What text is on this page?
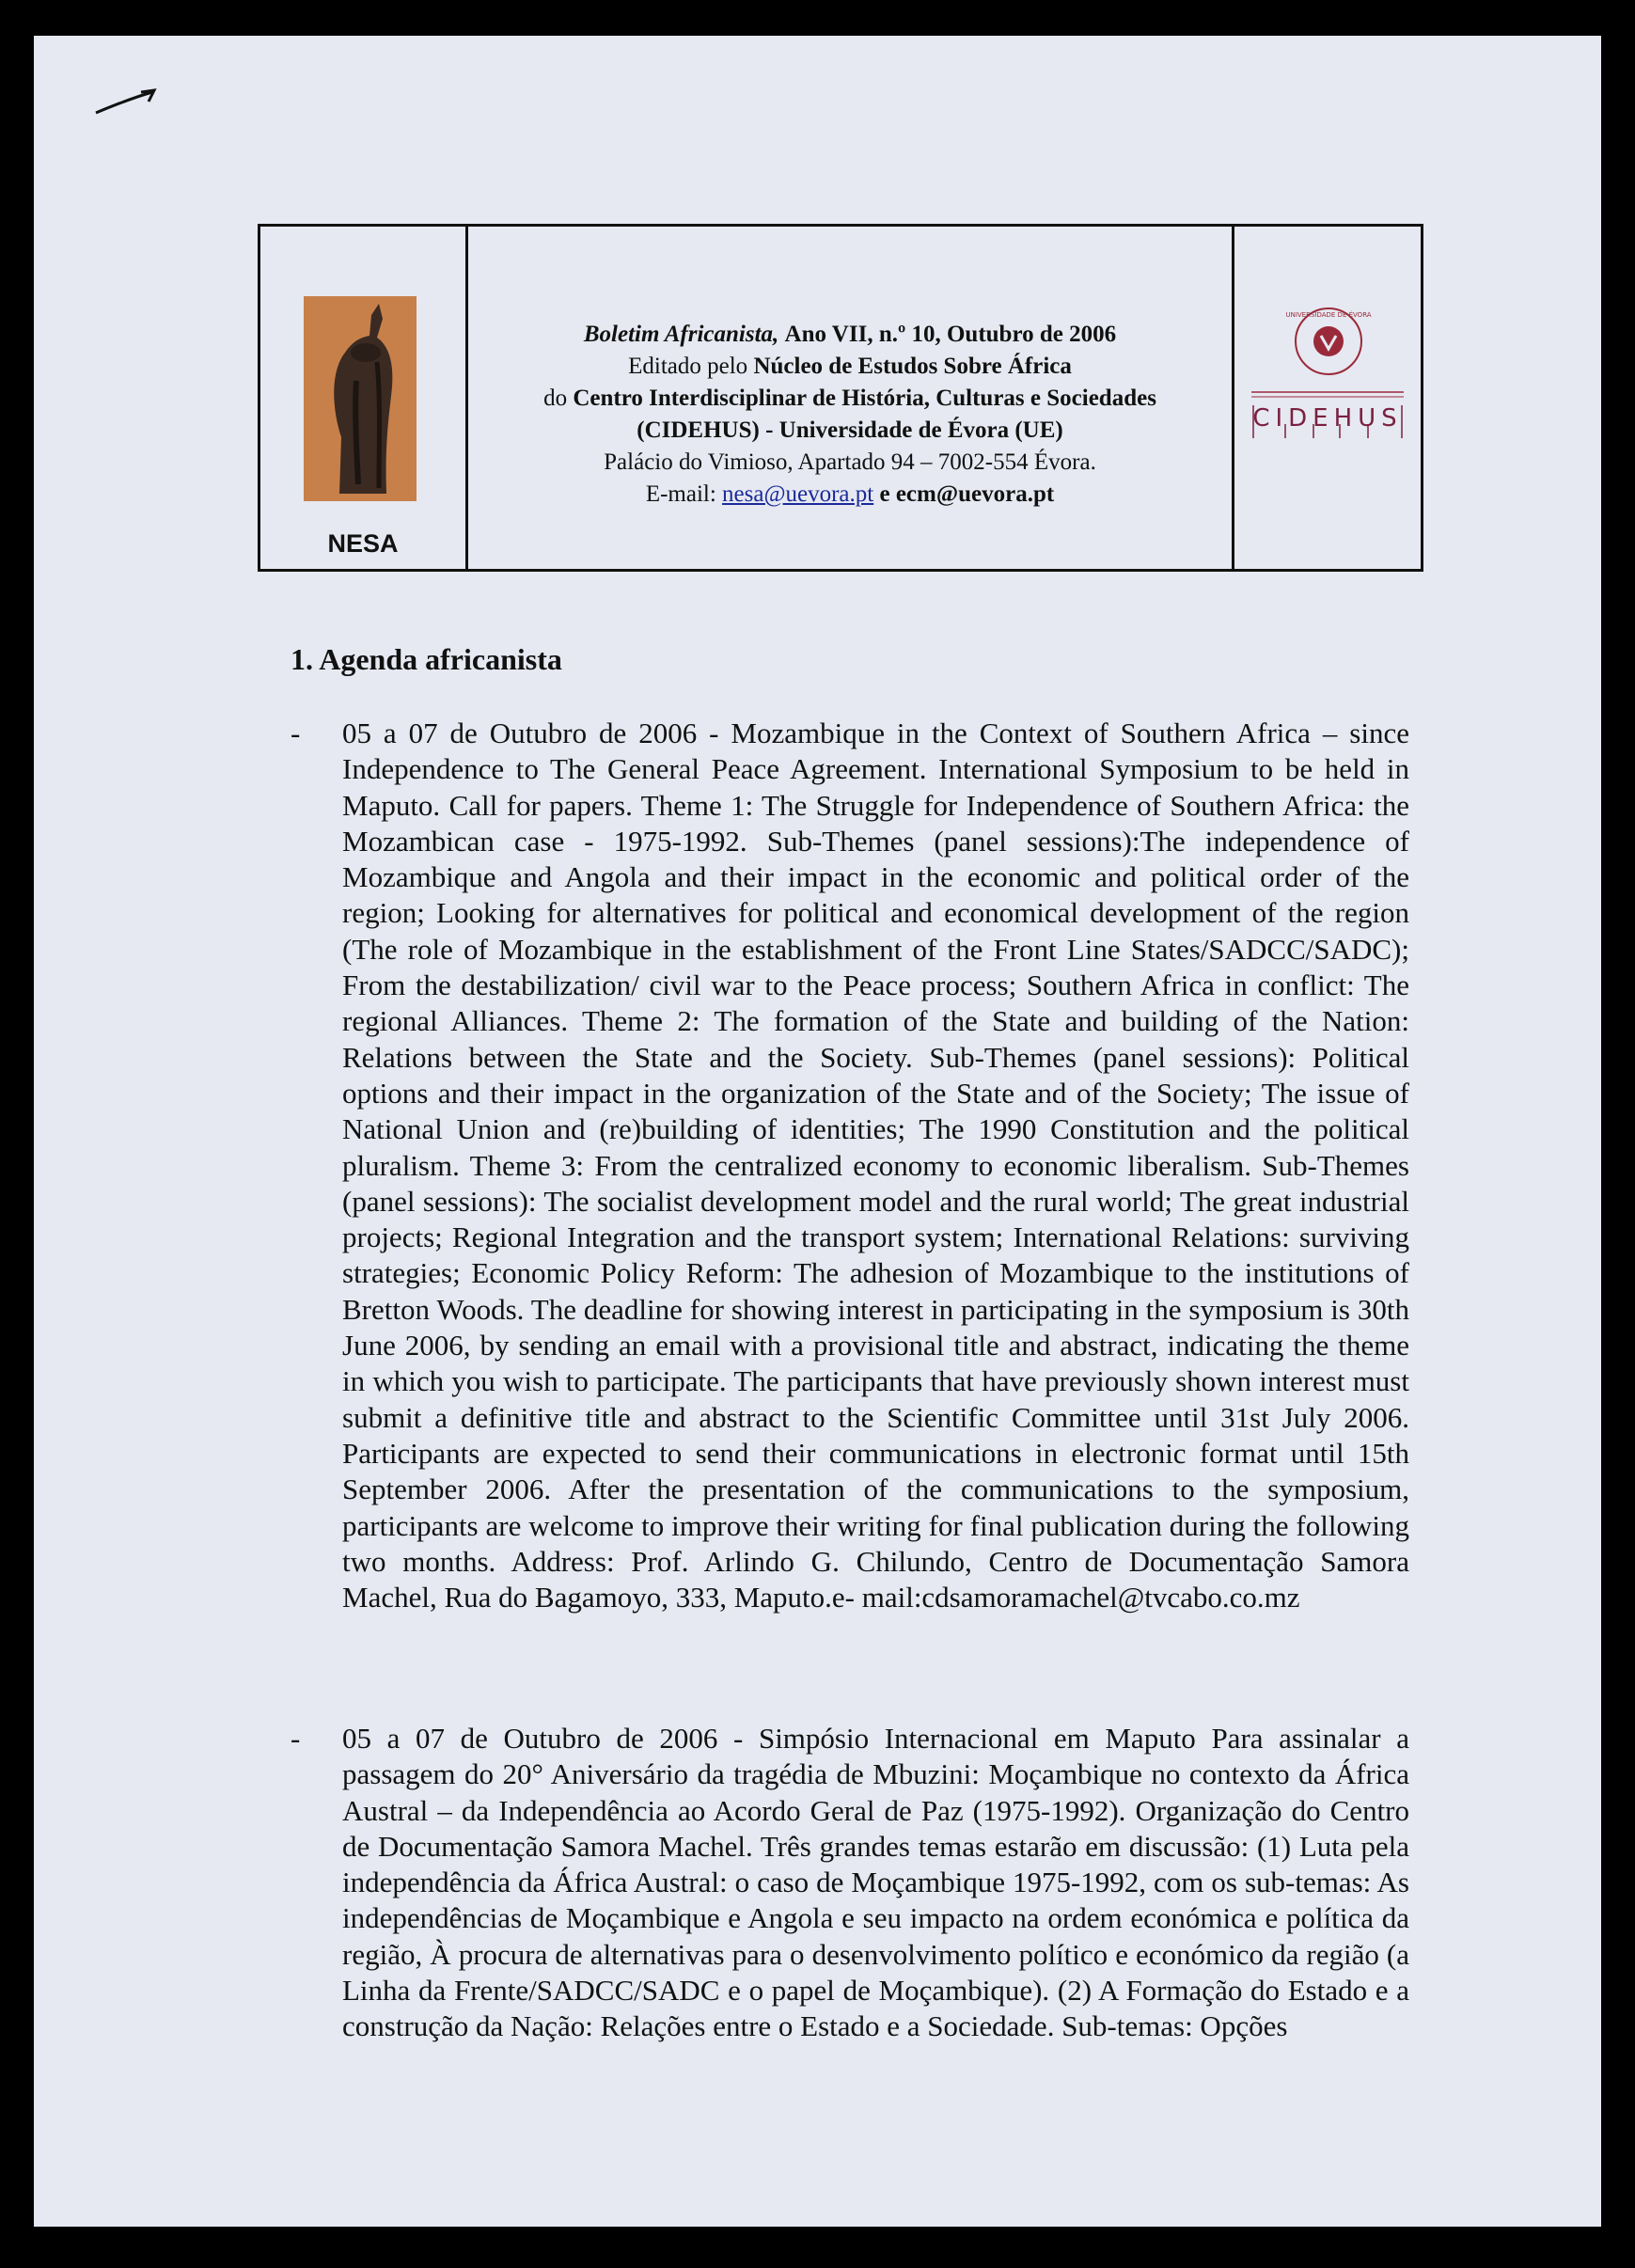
NESA
Boletim Africanista, Ano VII, n.º 10, Outubro de 2006
Editado pelo Núcleo de Estudos Sobre África
do Centro Interdisciplinar de História, Culturas e Sociedades
(CIDEHUS) - Universidade de Évora (UE)
Palácio do Vimioso, Apartado 94 – 7002-554 Évora.
E-mail: nesa@uevora.pt e ecm@uevora.pt
UNIVERSIDADE DE ÉVORA
CIDEHUS
1. Agenda africanista
- 05 a 07 de Outubro de 2006 - Mozambique in the Context of Southern Africa – since Independence to The General Peace Agreement. International Symposium to be held in Maputo. Call for papers. Theme 1: The Struggle for Independence of Southern Africa: the Mozambican case - 1975-1992. Sub-Themes (panel sessions):The independence of Mozambique and Angola and their impact in the economic and political order of the region; Looking for alternatives for political and economical development of the region (The role of Mozambique in the establishment of the Front Line States/SADCC/SADC); From the destabilization/ civil war to the Peace process; Southern Africa in conflict: The regional Alliances. Theme 2: The formation of the State and building of the Nation: Relations between the State and the Society. Sub-Themes (panel sessions): Political options and their impact in the organization of the State and of the Society; The issue of National Union and (re)building of identities; The 1990 Constitution and the political pluralism. Theme 3: From the centralized economy to economic liberalism. Sub-Themes (panel sessions): The socialist development model and the rural world; The great industrial projects; Regional Integration and the transport system; International Relations: surviving strategies; Economic Policy Reform: The adhesion of Mozambique to the institutions of Bretton Woods. The deadline for showing interest in participating in the symposium is 30th June 2006, by sending an email with a provisional title and abstract, indicating the theme in which you wish to participate. The participants that have previously shown interest must submit a definitive title and abstract to the Scientific Committee until 31st July 2006. Participants are expected to send their communications in electronic format until 15th September 2006. After the presentation of the communications to the symposium, participants are welcome to improve their writing for final publication during the following two months. Address: Prof. Arlindo G. Chilundo, Centro de Documentação Samora Machel, Rua do Bagamoyo, 333, Maputo.e- mail:cdsamoramachel@tvcabo.co.mz

- 05 a 07 de Outubro de 2006 - Simpósio Internacional em Maputo Para assinalar a passagem do 20° Aniversário da tragédia de Mbuzini: Moçambique no contexto da África Austral – da Independência ao Acordo Geral de Paz (1975-1992). Organização do Centro de Documentação Samora Machel. Três grandes temas estarão em discussão: (1) Luta pela independência da África Austral: o caso de Moçambique 1975-1992, com os sub-temas: As independências de Moçambique e Angola e seu impacto na ordem económica e política da região, À procura de alternativas para o desenvolvimento político e económico da região (a Linha da Frente/SADCC/SADC e o papel de Moçambique). (2) A Formação do Estado e a construção da Nação: Relações entre o Estado e a Sociedade. Sub-temas: Opções
